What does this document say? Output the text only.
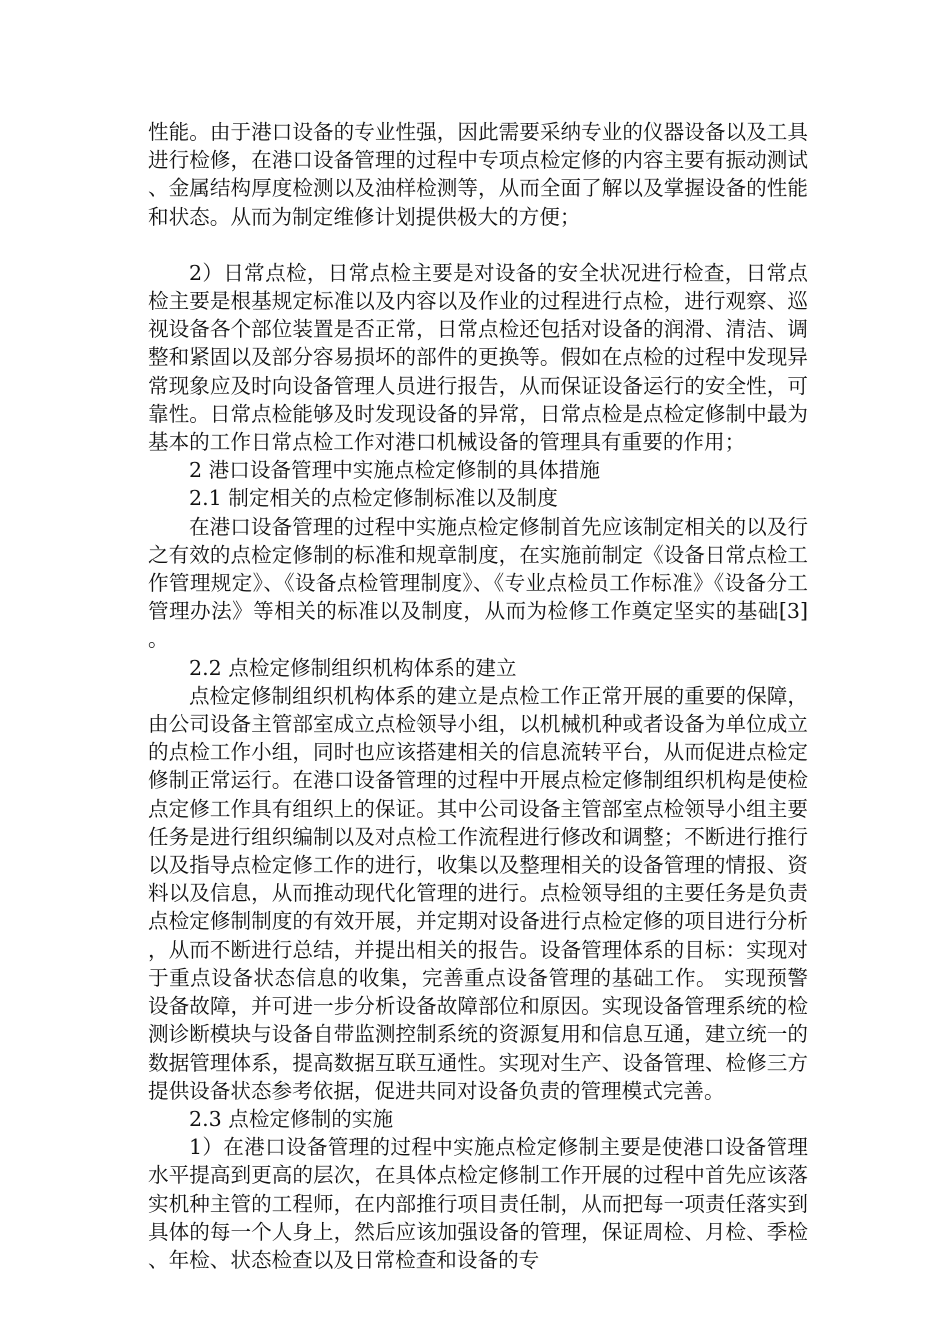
性能。由于港口设备的专业性强，因此需要采纳专业的仪器设备以及工具进行检修，在港口设备管理的过程中专项点检定修的内容主要有振动测试、金属结构厚度检测以及油样检测等，从而全面了解以及掌握设备的性能和状态。从而为制定维修计划提供极大的方便；

2）日常点检，日常点检主要是对设备的安全状况进行检查，日常点检主要是根基规定标准以及内容以及作业的过程进行点检，进行观察、巡视设备各个部位装置是否正常，日常点检还包括对设备的润滑、清洁、调整和紧固以及部分容易损坏的部件的更换等。假如在点检的过程中发现异常现象应及时向设备管理人员进行报告，从而保证设备运行的安全性，可靠性。日常点检能够及时发现设备的异常，日常点检是点检定修制中最为基本的工作日常点检工作对港口机械设备的管理具有重要的作用；

2 港口设备管理中实施点检定修制的具体措施

2.1 制定相关的点检定修制标准以及制度

在港口设备管理的过程中实施点检定修制首先应该制定相关的以及行之有效的点检定修制的标准和规章制度，在实施前制定《设备日常点检工作管理规定》、《设备点检管理制度》、《专业点检员工作标准》《设备分工管理办法》等相关的标准以及制度，从而为检修工作奠定坚实的基础[3]。

2.2 点检定修制组织机构体系的建立

点检定修制组织机构体系的建立是点检工作正常开展的重要的保障，由公司设备主管部室成立点检领导小组，以机械机种或者设备为单位成立的点检工作小组，同时也应该搭建相关的信息流转平台，从而促进点检定修制正常运行。在港口设备管理的过程中开展点检定修制组织机构是使检点定修工作具有组织上的保证。其中公司设备主管部室点检领导小组主要任务是进行组织编制以及对点检工作流程进行修改和调整；不断进行推行以及指导点检定修工作的进行，收集以及整理相关的设备管理的情报、资料以及信息，从而推动现代化管理的进行。点检领导组的主要任务是负责点检定修制制度的有效开展，并定期对设备进行点检定修的项目进行分析，从而不断进行总结，并提出相关的报告。设备管理体系的目标：实现对于重点设备状态信息的收集，完善重点设备管理的基础工作。 实现预警设备故障，并可进一步分析设备故障部位和原因。实现设备管理系统的检测诊断模块与设备自带监测控制系统的资源复用和信息互通，建立统一的数据管理体系，提高数据互联互通性。实现对生产、设备管理、检修三方提供设备状态参考依据，促进共同对设备负责的管理模式完善。

2.3 点检定修制的实施

1）在港口设备管理的过程中实施点检定修制主要是使港口设备管理水平提高到更高的层次，在具体点检定修制工作开展的过程中首先应该落实机种主管的工程师，在内部推行项目责任制，从而把每一项责任落实到具体的每一个人身上，然后应该加强设备的管理，保证周检、月检、季检、年检、状态检查以及日常检查和设备的专
